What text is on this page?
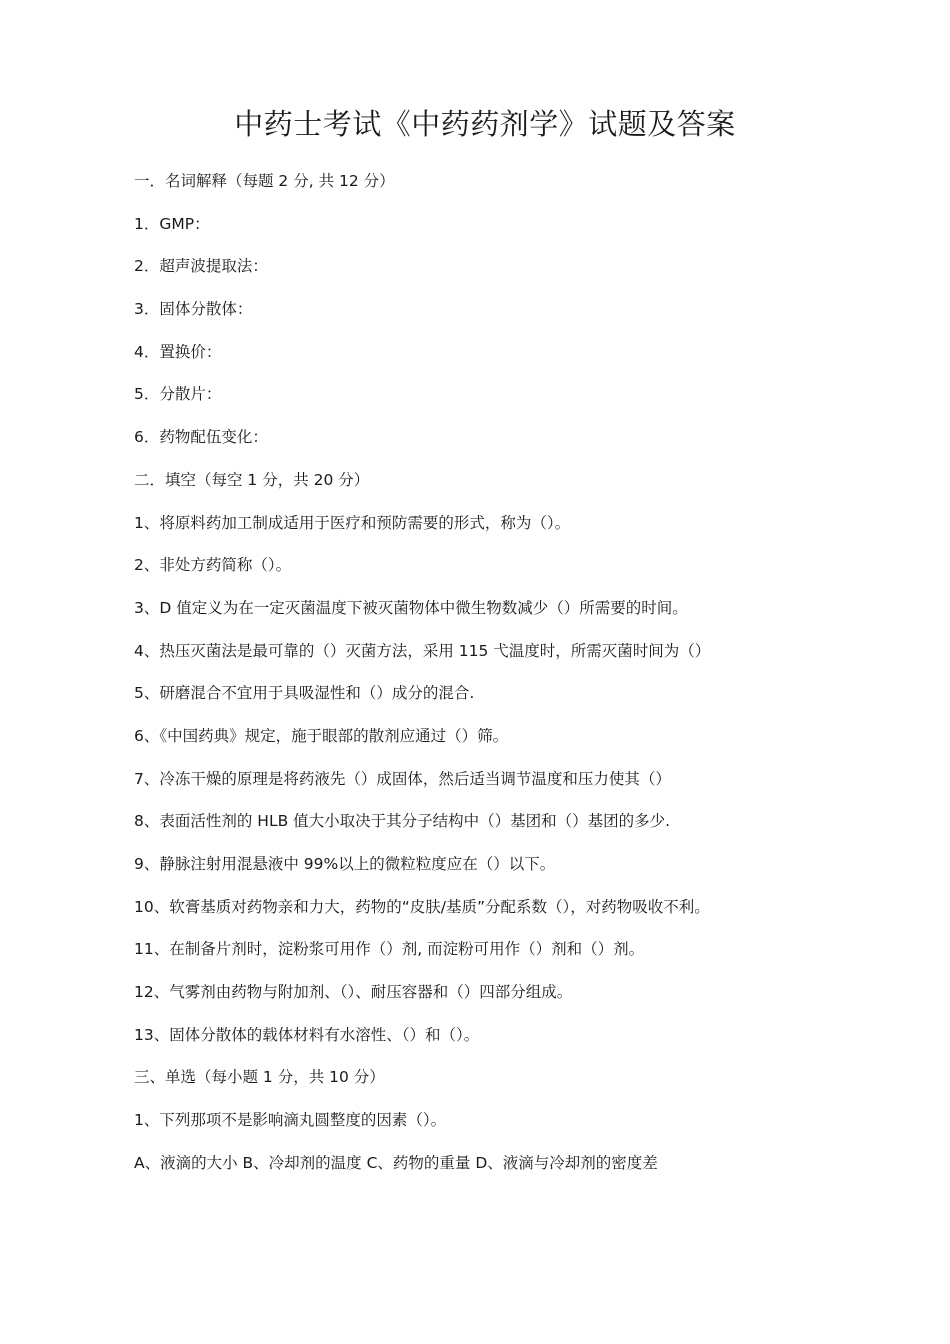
中药士考试《中药药剂学》试题及答案
一．名词解释（每题 2 分, 共 12 分）
1．GMP：
2．超声波提取法：
3．固体分散体：
4．置换价：
5．分散片：
6．药物配伍变化：
二．填空（每空 1 分，共 20 分）
1、将原料药加工制成适用于医疗和预防需要的形式，称为（）。
2、非处方药简称（）。
3、D 值定义为在一定灭菌温度下被灭菌物体中微生物数减少（）所需要的时间。
4、热压灭菌法是最可靠的（）灭菌方法，采用 115 弋温度时，所需灭菌时间为（）
5、研磨混合不宜用于具吸湿性和（）成分的混合.
6、《中国药典》规定，施于眼部的散剂应通过（）筛。
7、冷冻干燥的原理是将药液先（）成固体，然后适当调节温度和压力使其（）
8、表面活性剂的 HLB 值大小取决于其分子结构中（）基团和（）基团的多少.
9、静脉注射用混悬液中 99%以上的微粒粒度应在（）以下。
10、软膏基质对药物亲和力大，药物的“皮肤/基质”分配系数（），对药物吸收不利。
11、在制备片剂时，淀粉浆可用作（）剂, 而淀粉可用作（）剂和（）剂。
12、气雾剂由药物与附加剂、（）、耐压容器和（）四部分组成。
13、固体分散体的载体材料有水溶性、（）和（）。
三、单选（每小题 1 分，共 10 分）
1、下列那项不是影响滴丸圆整度的因素（）。
A、液滴的大小 B、冷却剂的温度 C、药物的重量 D、液滴与冷却剂的密度差
